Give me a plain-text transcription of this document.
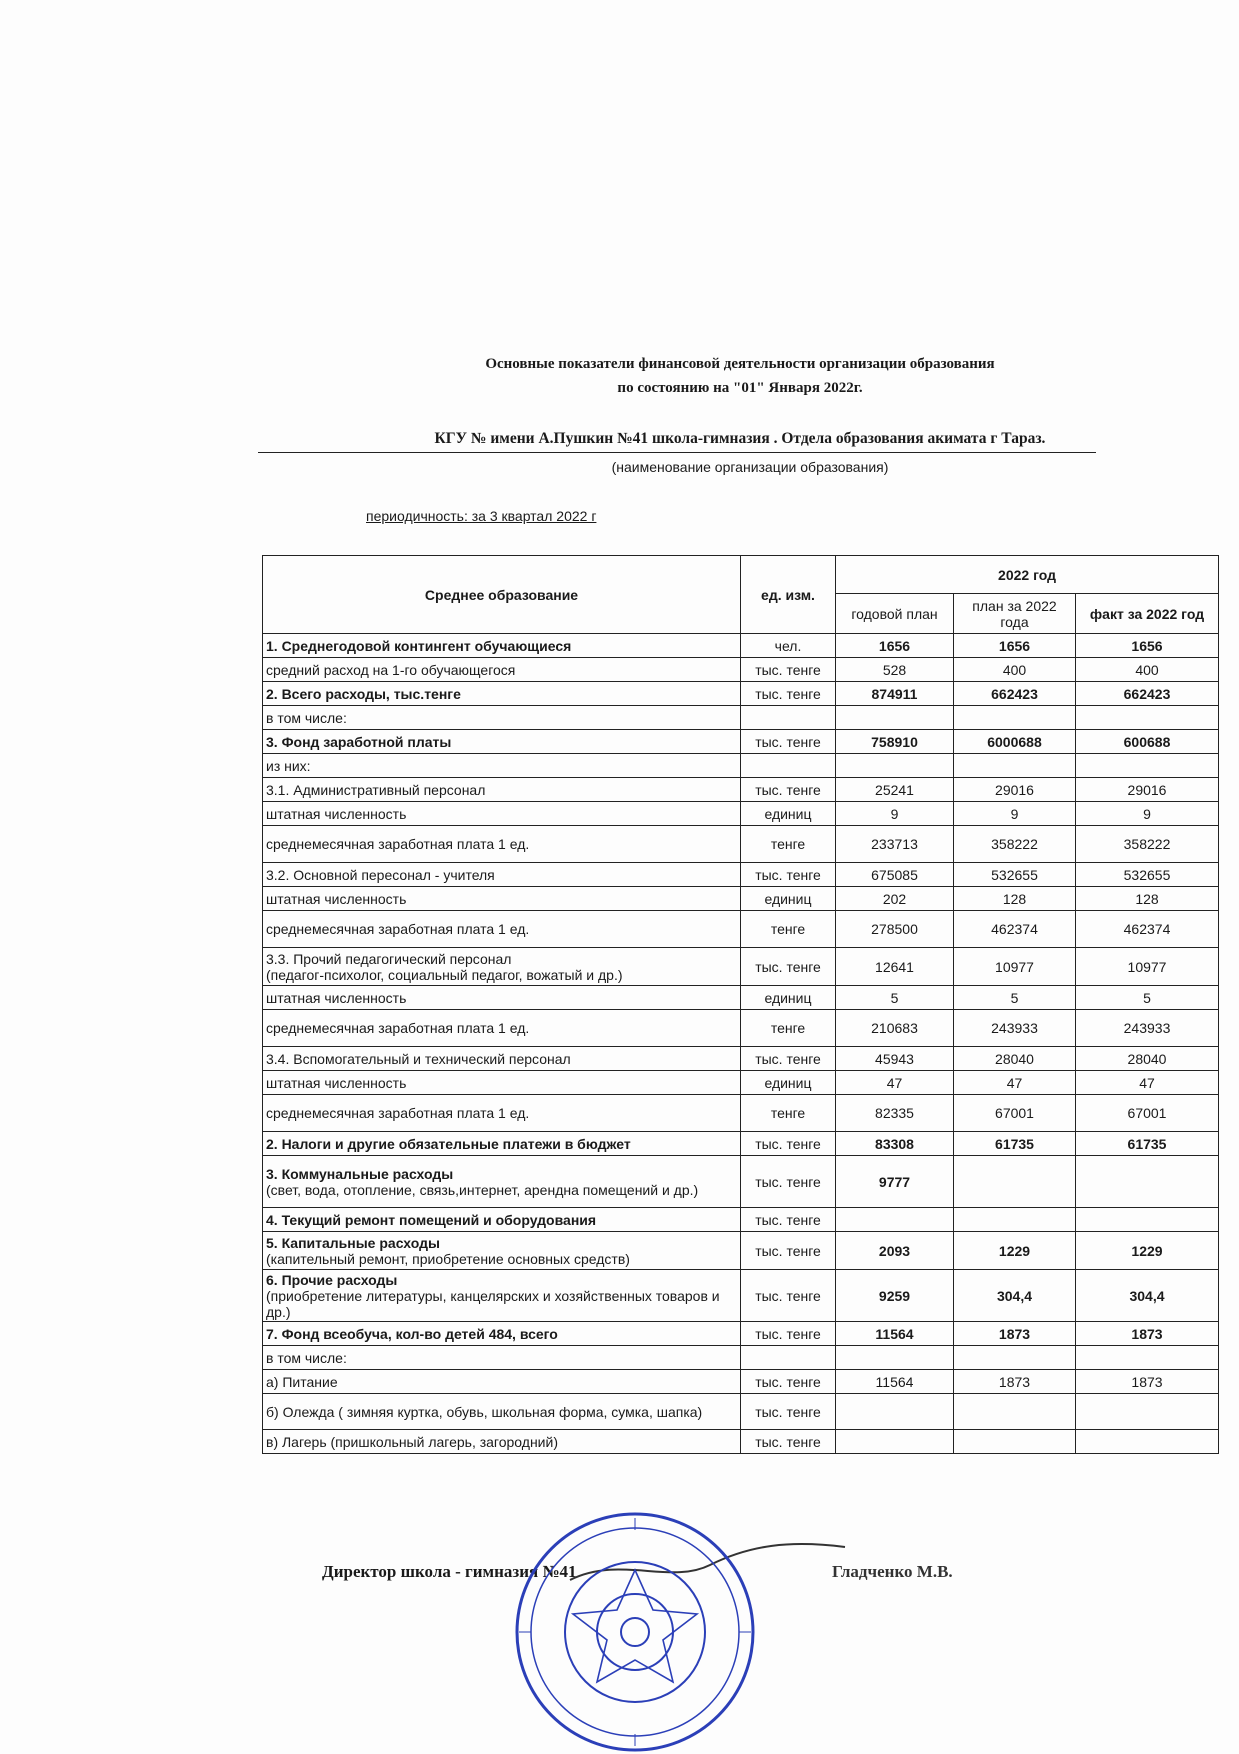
Основные показатели финансовой деятельности организации образования
по состоянию на "01" Января 2022г.
КГУ № имени А.Пушкин №41 школа-гимназия . Отдела образования акимата г Тараз.
(наименование организации образования)
периодичность: за 3 квартал 2022 г
Среднее образование	ед. изм.	2022 год		
		годовой план	план за 2022 года	факт за 2022 год
1. Среднегодовой контингент обучающиеся	чел.	1656	1656	1656
средний расход на 1-го обучающегося	тыс. тенге	528	400	400
2. Всего расходы, тыс.тенге	тыс. тенге	874911	662423	662423
в том числе:				
3. Фонд заработной платы	тыс. тенге	758910	6000688	600688
из них:				
3.1. Административный персонал	тыс. тенге	25241	29016	29016
штатная численность	единиц	9	9	9
среднемесячная заработная плата 1 ед.	тенге	233713	358222	358222
3.2. Основной пересонал - учителя	тыс. тенге	675085	532655	532655
штатная численность	единиц	202	128	128
среднемесячная заработная плата 1 ед.	тенге	278500	462374	462374
3.3. Прочий педагогический персонал
(педагог-психолог, социальный педагог, вожатый и др.)	тыс. тенге	12641	10977	10977
штатная численность	единиц	5	5	5
среднемесячная заработная плата 1 ед.	тенге	210683	243933	243933
3.4. Вспомогательный и технический персонал	тыс. тенге	45943	28040	28040
штатная численность	единиц	47	47	47
среднемесячная заработная плата 1 ед.	тенге	82335	67001	67001
2. Налоги и другие обязательные платежи в бюджет	тыс. тенге	83308	61735	61735
3. Коммунальные расходы
(свет, вода, отопление, связь,интернет, арендна помещений и др.)	тыс. тенге	9777		
4. Текущий ремонт помещений и оборудования	тыс. тенге			
5. Капитальные расходы
(капительный ремонт, приобретение основных средств)	тыс. тенге	2093	1229	1229
6. Прочие расходы
(приобретение литературы, канцелярских и хозяйственных товаров и др.)	тыс. тенге	9259	304,4	304,4
7. Фонд всеобуча, кол-во детей 484, всего	тыс. тенге	11564	1873	1873
в том числе:				
а) Питание	тыс. тенге	11564	1873	1873
б) Олежда ( зимняя куртка, обувь, школьная форма, сумка, шапка)	тыс. тенге			
в) Лагерь (пришкольный лагерь, загородний)	тыс. тенге			
Директор школа - гимназия №41	Гладченко М.В.
